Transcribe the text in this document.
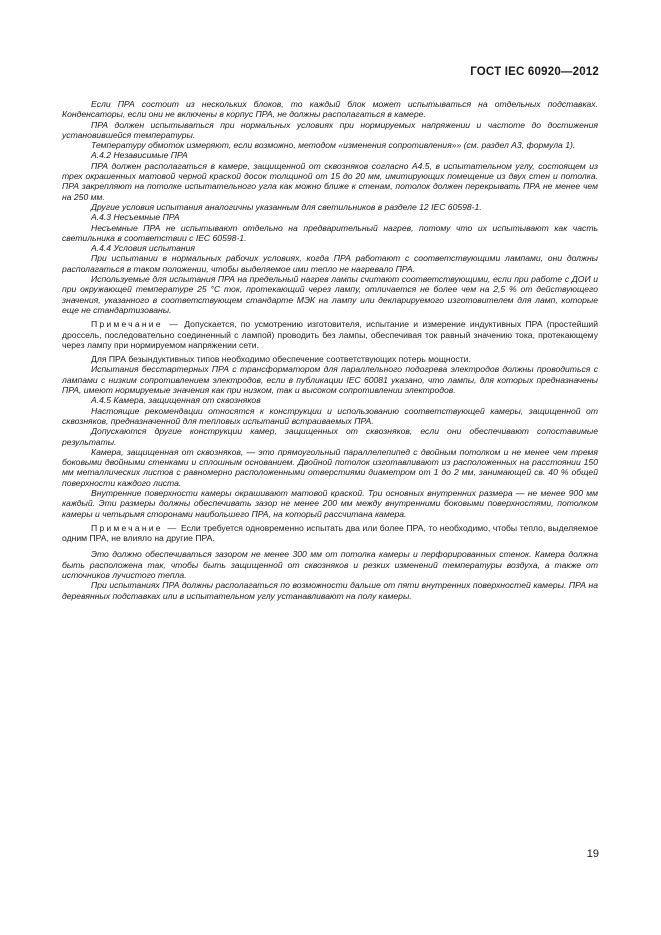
ГОСТ IEC 60920—2012

Если ПРА состоит из нескольких блоков, то каждый блок может испытываться на отдельных подставках. Конденсаторы, если они не включены в корпус ПРА, не должны располагаться в камере.

ПРА должен испытываться при нормальных условиях при нормируемых напряжении и частоте до достижения установившейся температуры.

Температуру обмоток измеряют, если возможно, методом «изменения сопротивления»» (см. раздел А3, формула 1).

А.4.2 Независимые ПРА

ПРА должен располагаться в камере, защищенной от сквозняков согласно А4.5, в испытательном углу, состоящем из трех окрашенных матовой черной краской досок толщиной от 15 до 20 мм, имитирующих помещение из двух стен и потолка. ПРА закрепляют на потолке испытательного угла как можно ближе к стенам, потолок должен перекрывать ПРА не менее чем на 250 мм.

Другие условия испытания аналогичны указанным для светильников в разделе 12 IEC 60598-1.

А.4.3 Несъемные ПРА

Несъемные ПРА не испытывают отдельно на предварительный нагрев, потому что их испытывают как часть светильника в соответствии с IEC 60598-1.

А.4.4 Условия испытания

При испытании в нормальных рабочих условиях, когда ПРА работают с соответствующими лампами, они должны располагаться в таком положении, чтобы выделяемое ими тепло не нагревало ПРА.

Используемые для испытания ПРА на предельный нагрев лампы считают соответствующими, если при работе с ДОИ и при окружающей температуре 25 °С ток, протекающий через лампу, отличается не более чем на 2,5 % от действующего значения, указанного в соответствующем стандарте МЭК на лампу или декларируемого изготовителем для ламп, которые еще не стандартизованы.

Примечание — Допускается, по усмотрению изготовителя, испытание и измерение индуктивных ПРА (простейший дроссель, последовательно соединенный с лампой) проводить без лампы, обеспечивая ток равный значению тока, протекающему через лампу при нормируемом напряжении сети.

Для ПРА безындуктивных типов необходимо обеспечение соответствующих потерь мощности.

Испытания бесстартерных ПРА с трансформатором для параллельного подогрева электродов должны проводиться с лампами с низким сопротивлением электродов, если в публикации IEC 60081 указано, что лампы, для которых предназначены ПРА, имеют нормируемые значения как при низком, так и высоком сопротивлении электродов.

А.4.5 Камера, защищенная от сквозняков

Настоящие рекомендации относятся к конструкции и использованию соответствующей камеры, защищенной от сквозняков, предназначенной для тепловых испытаний встраиваемых ПРА.

Допускаются другие конструкции камер, защищенных от сквозняков, если они обеспечивают сопоставимые результаты.

Камера, защищенная от сквозняков, — это прямоугольный параллелепипед с двойным потолком и не менее чем тремя боковыми двойными стенками и сплошным основанием. Двойной потолок изготавливают из расположенных на расстоянии 150 мм металлических листов с равномерно расположенными отверстиями диаметром от 1 до 2 мм, занимающей св. 40 % общей поверхности каждого листа.

Внутренние поверхности камеры окрашивают матовой краской. Три основных внутренних размера — не менее 900 мм каждый. Эти размеры должны обеспечивать зазор не менее 200 мм между внутренними боковыми поверхностями, потолком камеры и четырьмя сторонами наибольшего ПРА, на который рассчитана камера.

Примечание — Если требуется одновременно испытать два или более ПРА, то необходимо, чтобы тепло, выделяемое одним ПРА, не влияло на другие ПРА.

Это должно обеспечиваться зазором не менее 300 мм от потолка камеры и перфорированных стенок. Камера должна быть расположена так, чтобы быть защищенной от сквозняков и резких изменений температуры воздуха, а также от источников лучистого тепла.

При испытаниях ПРА должны располагаться по возможности дальше от пяти внутренних поверхностей камеры. ПРА на деревянных подставках или в испытательном углу устанавливают на полу камеры.

19
